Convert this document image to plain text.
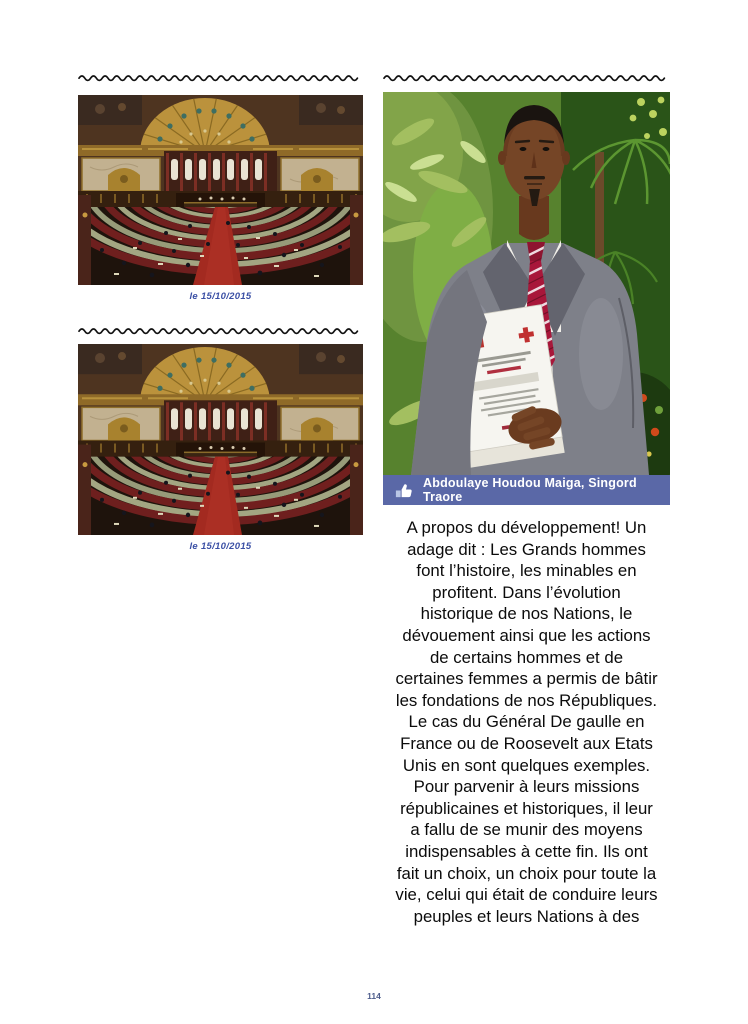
le 15/10/2015
le 15/10/2015
Abdoulaye Houdou Maiga, Singord Traore
A propos du développement! Un
adage dit : Les Grands hommes
font l’histoire, les minables en
profitent. Dans l’évolution
historique de nos Nations, le
dévouement ainsi que les actions
de certains hommes et de
certaines femmes a permis de bâtir
les fondations de nos Républiques.
Le cas du Général De gaulle en
France ou de Roosevelt aux Etats
Unis en sont quelques exemples.
Pour parvenir à leurs missions
républicaines et historiques, il leur
a fallu de se munir des moyens
indispensables à cette fin. Ils ont
fait un choix, un choix pour toute la
vie, celui qui était de conduire leurs
peuples et leurs Nations à des
114
